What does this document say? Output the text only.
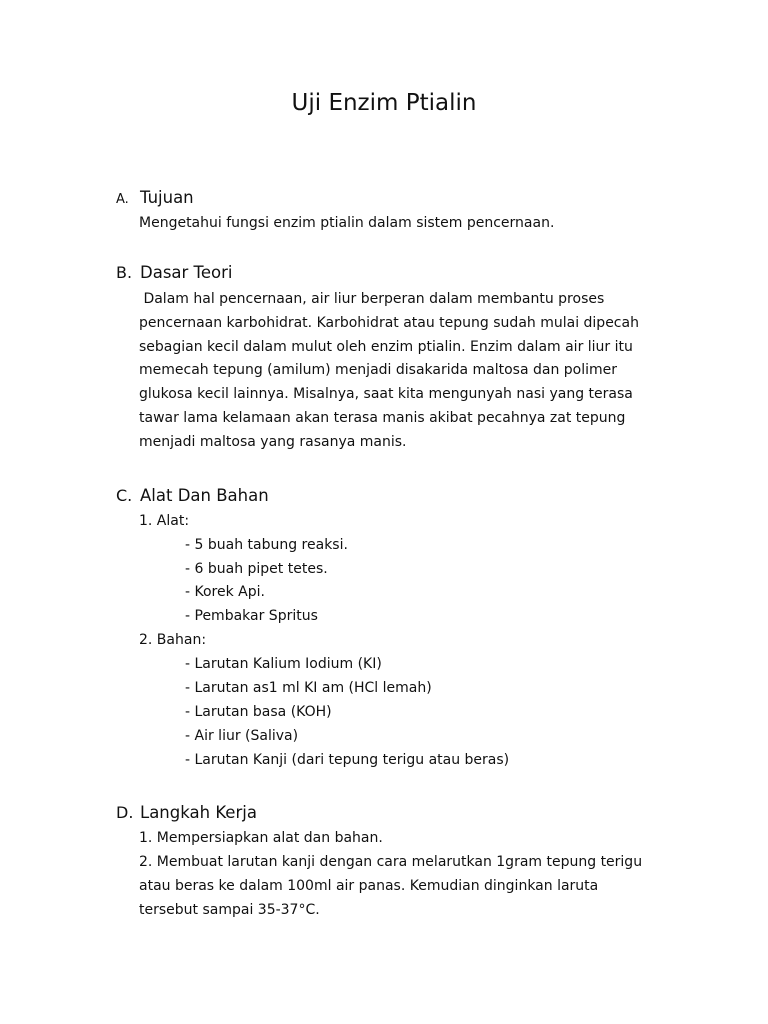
Uji Enzim Ptialin
A. Tujuan
Mengetahui fungsi enzim ptialin dalam sistem pencernaan.
B. Dasar Teori
Dalam hal pencernaan, air liur berperan dalam membantu proses
pencernaan karbohidrat. Karbohidrat atau tepung sudah mulai dipecah
sebagian kecil dalam mulut oleh enzim ptialin. Enzim dalam air liur itu
memecah tepung (amilum) menjadi disakarida maltosa dan polimer
glukosa kecil lainnya. Misalnya, saat kita mengunyah nasi yang terasa
tawar lama kelamaan akan terasa manis akibat pecahnya zat tepung
menjadi maltosa yang rasanya manis.
C. Alat Dan Bahan
1. Alat:
- 5 buah tabung reaksi.
- 6 buah pipet tetes.
- Korek Api.
- Pembakar Spritus
2. Bahan:
- Larutan Kalium Iodium (KI)
- Larutan as1 ml KI am (HCl lemah)
- Larutan basa (KOH)
- Air liur (Saliva)
- Larutan Kanji (dari tepung terigu atau beras)
D. Langkah Kerja
1. Mempersiapkan alat dan bahan.
2. Membuat larutan kanji dengan cara melarutkan 1gram tepung terigu
atau beras ke dalam 100ml air panas. Kemudian dinginkan laruta
tersebut sampai 35-37°C.
